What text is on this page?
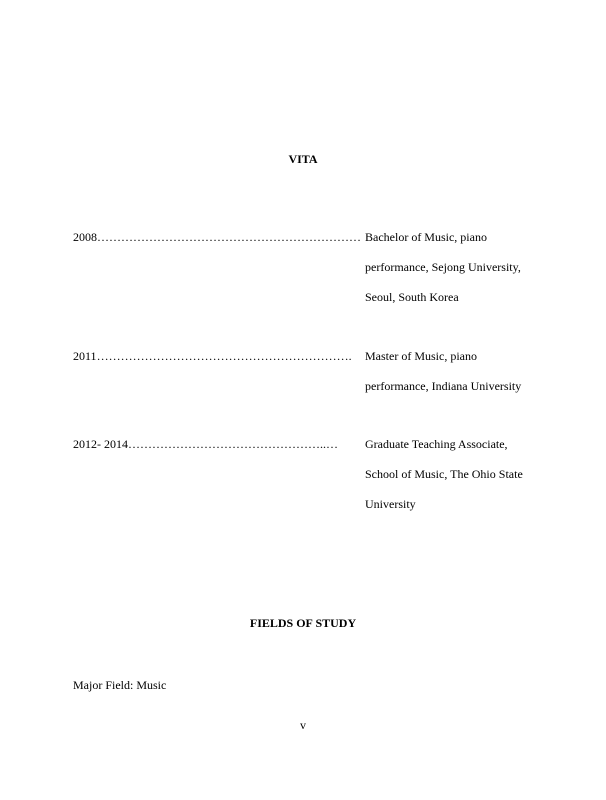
VITA
2008………………………………………………………… Bachelor of Music, piano
performance, Sejong University,
Seoul, South Korea
2011……………………………………………………….	Master of Music, piano
performance, Indiana University
2012- 2014…………………………………………..…	Graduate Teaching Associate,
School of Music, The Ohio State
University
FIELDS OF STUDY
Major Field: Music
v
